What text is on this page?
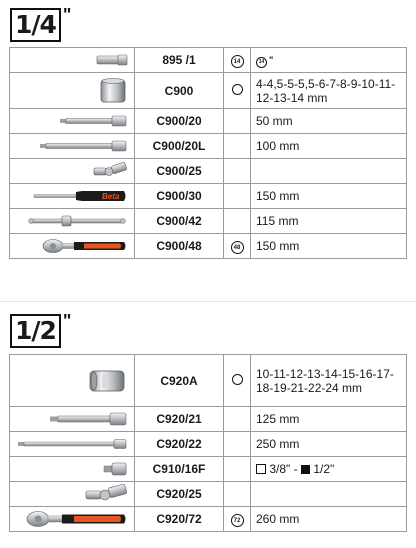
1/4 "
	895 /1	14	14 "

	C900		4-4,5-5-5,5-6-7-8-9-10-11-12-13-14 mm

	C900/20		50 mm

	C900/20L		100 mm

	C900/25		

Beta	C900/30		150 mm

	C900/42		115 mm

	C900/48	48	150 mm
1/2 "
	C920A		10-11-12-13-14-15-16-17-18-19-21-22-24 mm

	C920/21		125 mm

	C920/22		250 mm

	C910/16F		3/8" -  1/2"

	C920/25		

	C920/72	72	260 mm
